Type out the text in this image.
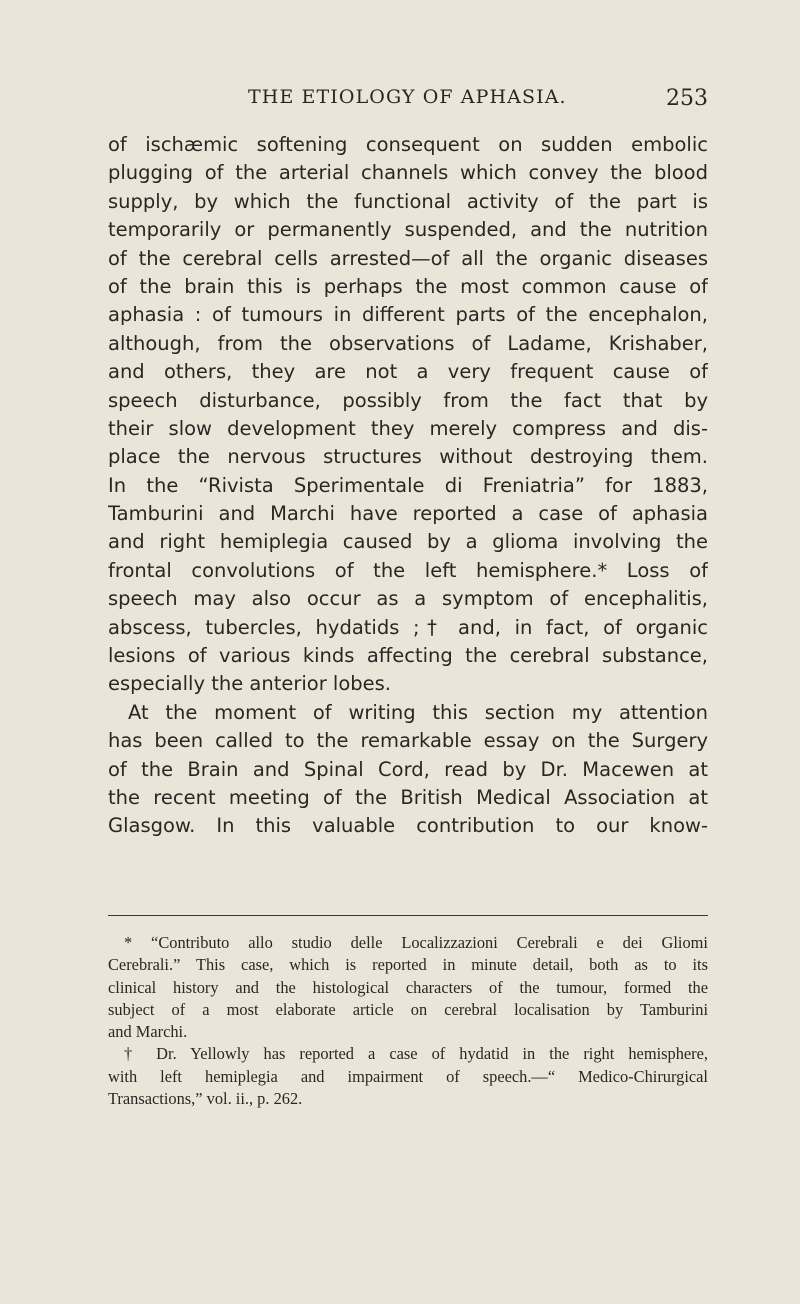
THE ETIOLOGY OF APHASIA.	253
of ischæmic softening consequent on sudden embolic
plugging of the arterial channels which convey the blood
supply, by which the functional activity of the part is
temporarily or permanently suspended, and the nutrition
of the cerebral cells arrested—of all the organic diseases
of the brain this is perhaps the most common cause of
aphasia : of tumours in different parts of the encephalon,
although, from the observations of Ladame, Krishaber,
and others, they are not a very frequent cause of
speech disturbance, possibly from the fact that by
their slow development they merely compress and dis-
place the nervous structures without destroying them.
In the “Rivista Sperimentale di Freniatria” for 1883,
Tamburini and Marchi have reported a case of aphasia
and right hemiplegia caused by a glioma involving the
frontal convolutions of the left hemisphere.* Loss of
speech may also occur as a symptom of encephalitis,
abscess, tubercles, hydatids ;† and, in fact, of organic
lesions of various kinds affecting the cerebral substance,
especially the anterior lobes.
At the moment of writing this section my attention
has been called to the remarkable essay on the Surgery
of the Brain and Spinal Cord, read by Dr. Macewen at
the recent meeting of the British Medical Association at
Glasgow. In this valuable contribution to our know-
* “Contributo allo studio delle Localizzazioni Cerebrali e dei Gliomi
Cerebrali.” This case, which is reported in minute detail, both as to its
clinical history and the histological characters of the tumour, formed the
subject of a most elaborate article on cerebral localisation by Tamburini
and Marchi.
† Dr. Yellowly has reported a case of hydatid in the right hemisphere,
with left hemiplegia and impairment of speech.—“ Medico-Chirurgical
Transactions,” vol. ii., p. 262.
